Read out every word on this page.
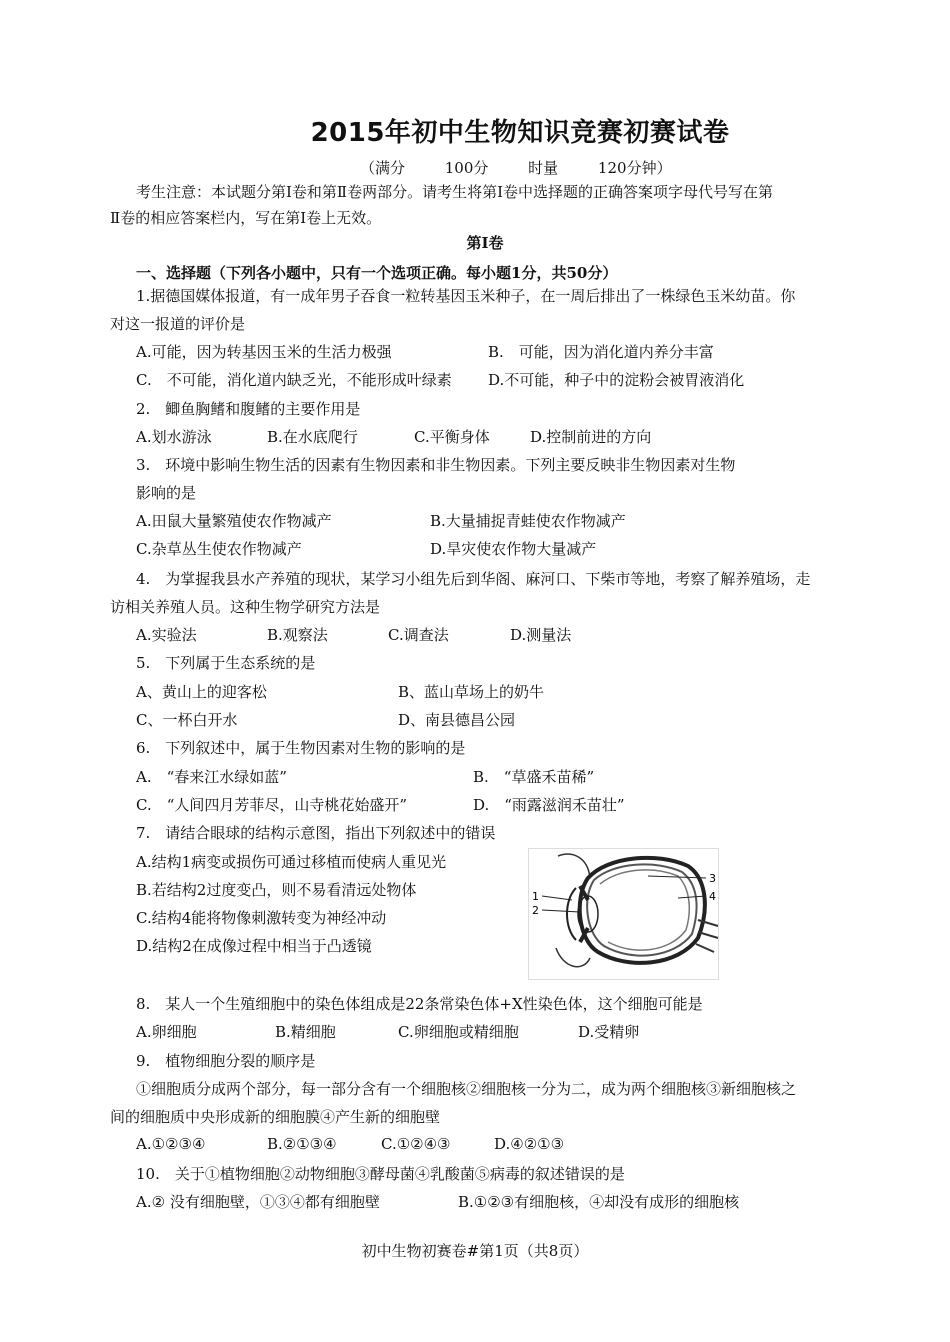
2015年初中生物知识竞赛初赛试卷
（满分　 100分　 时量　 120分钟）
考生注意：本试题分第Ⅰ卷和第Ⅱ卷两部分。请考生将第Ⅰ卷中选择题的正确答案项字母代号写在第
Ⅱ卷的相应答案栏内，写在第Ⅰ卷上无效。
第Ⅰ卷
一、选择题（下列各小题中，只有一个选项正确。每小题1分，共50分）
1.据德国媒体报道，有一成年男子吞食一粒转基因玉米种子，在一周后排出了一株绿色玉米幼苗。你
对这一报道的评价是
A.可能，因为转基因玉米的生活力极强	B.　可能，因为消化道内养分丰富
C.　不可能，消化道内缺乏光，不能形成叶绿素 D.不可能，种子中的淀粉会被胃液消化
2.　鲫鱼胸鳍和腹鳍的主要作用是
A.划水游泳	B.在水底爬行	C.平衡身体	D.控制前进的方向
3.　环境中影响生物生活的因素有生物因素和非生物因素。下列主要反映非生物因素对生物
影响的是
A.田鼠大量繁殖使农作物减产	B.大量捕捉青蛙使农作物减产
C.杂草丛生使农作物减产	D.旱灾使农作物大量减产
4.　为掌握我县水产养殖的现状，某学习小组先后到华阁、麻河口、下柴市等地，考察了解养殖场，走
访相关养殖人员。这种生物学研究方法是
A.实验法	B.观察法	C.调查法	D.测量法
5.　下列属于生态系统的是
A、黄山上的迎客松	B、蓝山草场上的奶牛
C、一杯白开水	D、南县德昌公园
6.　下列叙述中，属于生物因素对生物的影响的是
A.　“春来江水绿如蓝”	B.　“草盛禾苗稀”
C.　“人间四月芳菲尽，山寺桃花始盛开”	D.　“雨露滋润禾苗壮”
7.　请结合眼球的结构示意图，指出下列叙述中的错误
A.结构1病变或损伤可通过移植而使病人重见光
B.若结构2过度变凸，则不易看清远处物体
C.结构4能将物像刺激转变为神经冲动
D.结构2在成像过程中相当于凸透镜
1
2
3
4
8.　某人一个生殖细胞中的染色体组成是22条常染色体+X性染色体，这个细胞可能是
A.卵细胞	B.精细胞	C.卵细胞或精细胞	D.受精卵
9.　植物细胞分裂的顺序是
①细胞质分成两个部分，每一部分含有一个细胞核②细胞核一分为二，成为两个细胞核③新细胞核之
间的细胞质中央形成新的细胞膜④产生新的细胞壁
A.①②③④	B.②①③④	C.①②④③	D.④②①③
10.　关于①植物细胞②动物细胞③酵母菌④乳酸菌⑤病毒的叙述错误的是
A.② 没有细胞壁，①③④都有细胞壁	B.①②③有细胞核，④却没有成形的细胞核
初中生物初赛卷#第1页（共8页）
